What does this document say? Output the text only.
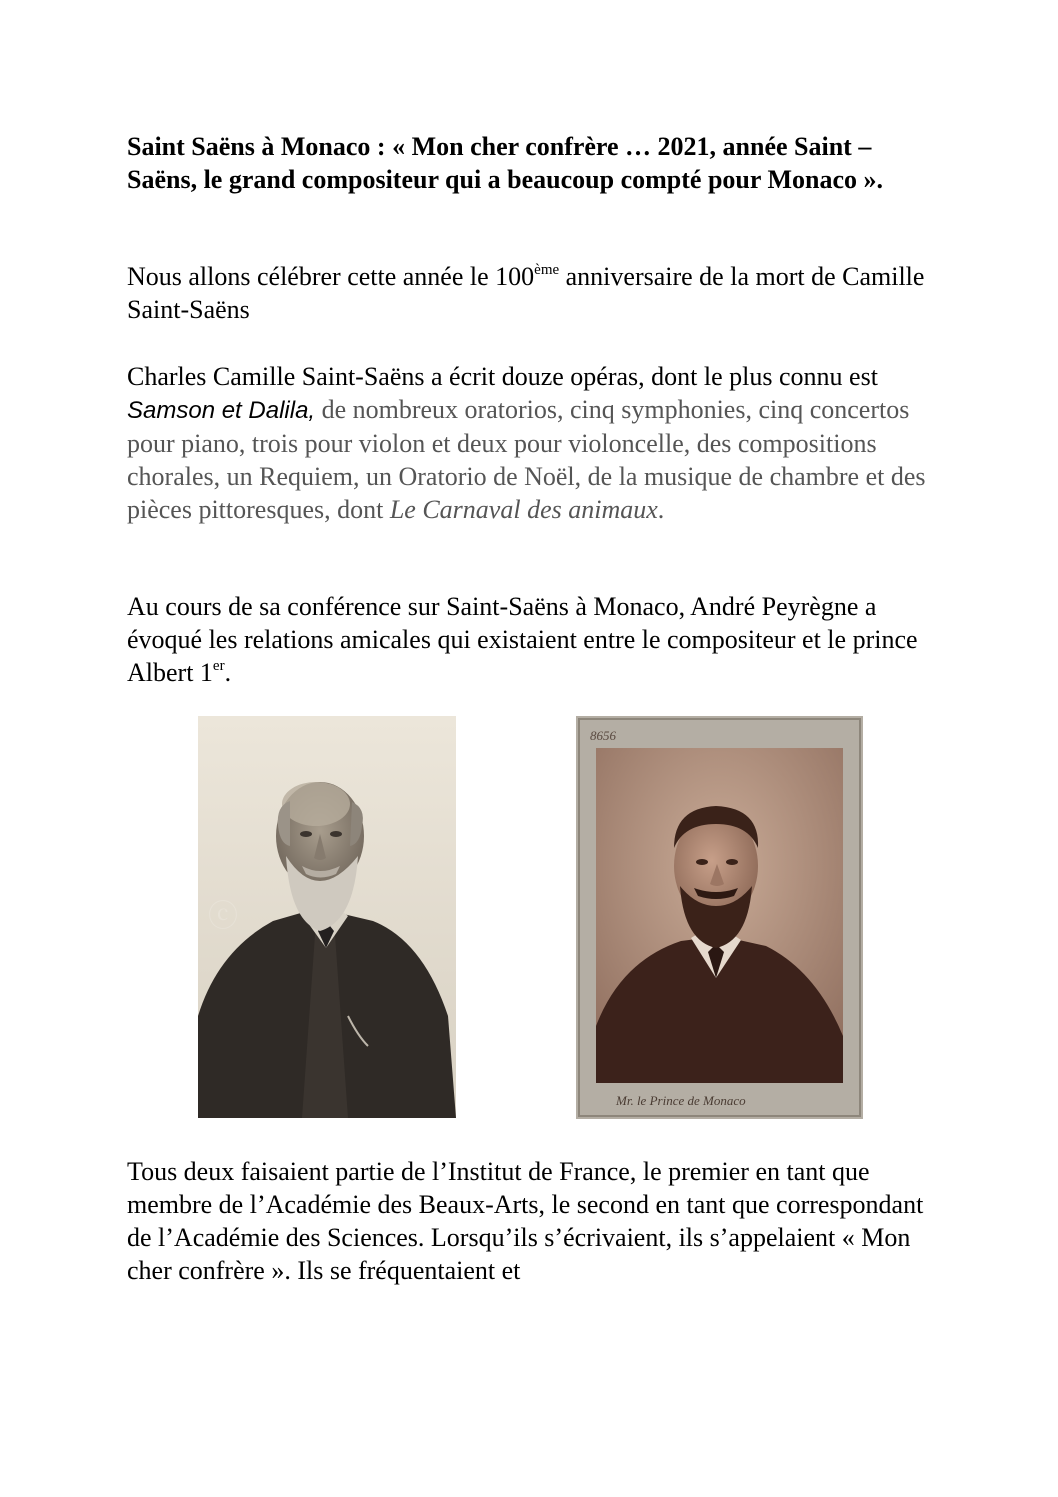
Saint Saëns à Monaco : « Mon cher confrère … 2021, année Saint – Saëns, le grand compositeur qui a beaucoup compté pour Monaco ».
Nous allons célébrer cette année le 100ème anniversaire de la mort de Camille Saint-Saëns
Charles Camille Saint-Saëns a écrit douze opéras, dont le plus connu est Samson et Dalila, de nombreux oratorios, cinq symphonies, cinq concertos pour piano, trois pour violon et deux pour violoncelle, des compositions chorales, un Requiem, un Oratorio de Noël, de la musique de chambre et des pièces pittoresques, dont Le Carnaval des animaux.
Au cours de sa conférence sur Saint-Saëns à Monaco, André Peyrègne a évoqué les relations amicales qui existaient entre le compositeur et le prince Albert 1er.
ⓒ
8656
Mr. le Prince de Monaco
Tous deux faisaient partie de l’Institut de France, le premier en tant que membre de l’Académie des Beaux-Arts, le second en tant que correspondant de l’Académie des Sciences. Lorsqu’ils s’écrivaient, ils s’appelaient « Mon cher confrère ». Ils se fréquentaient et
